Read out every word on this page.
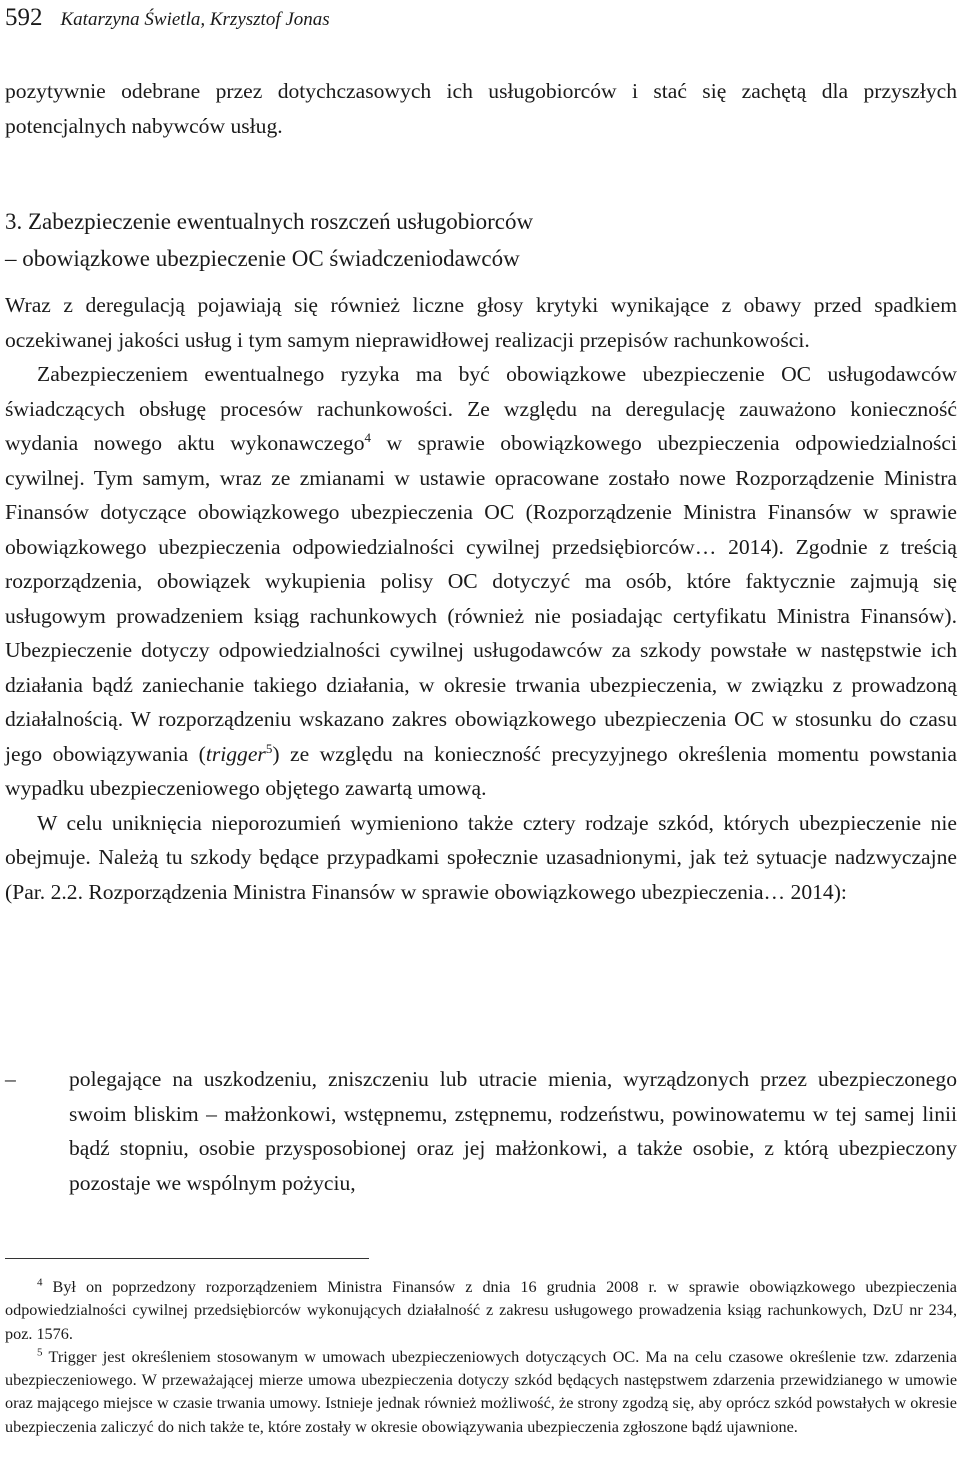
592 Katarzyna Świetla, Krzysztof Jonas

pozytywnie odebrane przez dotychczasowych ich usługobiorców i stać się zachętą dla przyszłych potencjalnych nabywców usług.

3. Zabezpieczenie ewentualnych roszczeń usługobiorców
– obowiązkowe ubezpieczenie OC świadczeniodawców

Wraz z deregulacją pojawiają się również liczne głosy krytyki wynikające z obawy przed spadkiem oczekiwanej jakości usług i tym samym nieprawidłowej realizacji przepisów rachunkowości.

Zabezpieczeniem ewentualnego ryzyka ma być obowiązkowe ubezpieczenie OC usługodawców świadczących obsługę procesów rachunkowości. Ze względu na deregulację zauważono konieczność wydania nowego aktu wykonawczego$^4$ w sprawie obowiązkowego ubezpieczenia odpowiedzialności cywilnej. Tym samym, wraz ze zmianami w ustawie opracowane zostało nowe Rozporządzenie Ministra Finansów dotyczące obowiązkowego ubezpieczenia OC (Rozporządzenie Ministra Finansów w sprawie obowiązkowego ubezpieczenia odpowiedzialności cywilnej przedsiębiorców… 2014). Zgodnie z treścią rozporządzenia, obowiązek wykupienia polisy OC dotyczyć ma osób, które faktycznie zajmują się usługowym prowadzeniem ksiąg rachunkowych (również nie posiadając certyfikatu Ministra Finansów). Ubezpieczenie dotyczy odpowiedzialności cywilnej usługodawców za szkody powstałe w następstwie ich działania bądź zaniechanie takiego działania, w okresie trwania ubezpieczenia, w związku z prowadzoną działalnością. W rozporządzeniu wskazano zakres obowiązkowego ubezpieczenia OC w stosunku do czasu jego obowiązywania (trigger$^5$) ze względu na konieczność precyzyjnego określenia momentu powstania wypadku ubezpieczeniowego objętego zawartą umową.

W celu uniknięcia nieporozumień wymieniono także cztery rodzaje szkód, których ubezpieczenie nie obejmuje. Należą tu szkody będące przypadkami społecznie uzasadnionymi, jak też sytuacje nadzwyczajne (Par. 2.2. Rozporządzenia Ministra Finansów w sprawie obowiązkowego ubezpieczenia… 2014):

–	polegające na uszkodzeniu, zniszczeniu lub utracie mienia, wyrządzonych przez ubezpieczonego swoim bliskim – małżonkowi, wstępnemu, zstępnemu, rodzeństwu, powinowatemu w tej samej linii bądź stopniu, osobie przysposobionej oraz jej małżonkowi, a także osobie, z którą ubezpieczony pozostaje we wspólnym pożyciu,

$^4$ Był on poprzedzony rozporządzeniem Ministra Finansów z dnia 16 grudnia 2008 r. w sprawie obowiązkowego ubezpieczenia odpowiedzialności cywilnej przedsiębiorców wykonujących działalność z zakresu usługowego prowadzenia ksiąg rachunkowych, DzU nr 234, poz. 1576.

$^5$ Trigger jest określeniem stosowanym w umowach ubezpieczeniowych dotyczących OC. Ma na celu czasowe określenie tzw. zdarzenia ubezpieczeniowego. W przeważającej mierze umowa ubezpieczenia dotyczy szkód będących następstwem zdarzenia przewidzianego w umowie oraz mającego miejsce w czasie trwania umowy. Istnieje jednak również możliwość, że strony zgodzą się, aby oprócz szkód powstałych w okresie ubezpieczenia zaliczyć do nich także te, które zostały w okresie obowiązywania ubezpieczenia zgłoszone bądź ujawnione.
